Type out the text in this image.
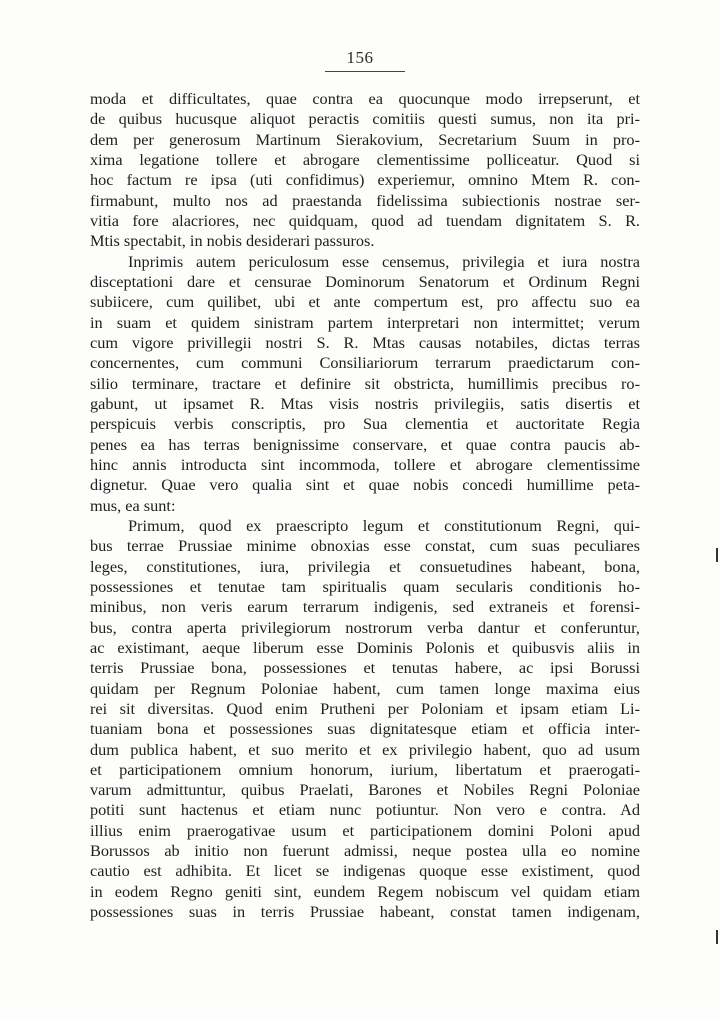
156
moda et difficultates, quae contra ea quocunque modo irrepserunt, et
de quibus hucusque aliquot peractis comitiis questi sumus, non ita pri-
dem per generosum Martinum Sierakovium, Secretarium Suum in pro-
xima legatione tollere et abrogare clementissime polliceatur. Quod si
hoc factum re ipsa (uti confidimus) experiemur, omnino Mtem R. con-
firmabunt, multo nos ad praestanda fidelissima subiectionis nostrae ser-
vitia fore alacriores, nec quidquam, quod ad tuendam dignitatem S. R.
Mtis spectabit, in nobis desiderari passuros.
Inprimis autem periculosum esse censemus, privilegia et iura nostra
disceptationi dare et censurae Dominorum Senatorum et Ordinum Regni
subiicere, cum quilibet, ubi et ante compertum est, pro affectu suo ea
in suam et quidem sinistram partem interpretari non intermittet; verum
cum vigore privillegii nostri S. R. Mtas causas notabiles, dictas terras
concernentes, cum communi Consiliariorum terrarum praedictarum con-
silio terminare, tractare et definire sit obstricta, humillimis precibus ro-
gabunt, ut ipsamet R. Mtas visis nostris privilegiis, satis disertis et
perspicuis verbis conscriptis, pro Sua clementia et auctoritate Regia
penes ea has terras benignissime conservare, et quae contra paucis ab-
hinc annis introducta sint incommoda, tollere et abrogare clementissime
dignetur. Quae vero qualia sint et quae nobis concedi humillime peta-
mus, ea sunt:
Primum, quod ex praescripto legum et constitutionum Regni, qui-
bus terrae Prussiae minime obnoxias esse constat, cum suas peculiares
leges, constitutiones, iura, privilegia et consuetudines habeant, bona,
possessiones et tenutae tam spiritualis quam secularis conditionis ho-
minibus, non veris earum terrarum indigenis, sed extraneis et forensi-
bus, contra aperta privilegiorum nostrorum verba dantur et conferuntur,
ac existimant, aeque liberum esse Dominis Polonis et quibusvis aliis in
terris Prussiae bona, possessiones et tenutas habere, ac ipsi Borussi
quidam per Regnum Poloniae habent, cum tamen longe maxima eius
rei sit diversitas. Quod enim Prutheni per Poloniam et ipsam etiam Li-
tuaniam bona et possessiones suas dignitatesque etiam et officia inter-
dum publica habent, et suo merito et ex privilegio habent, quo ad usum
et participationem omnium honorum, iurium, libertatum et praerogati-
varum admittuntur, quibus Praelati, Barones et Nobiles Regni Poloniae
potiti sunt hactenus et etiam nunc potiuntur. Non vero e contra. Ad
illius enim praerogativae usum et participationem domini Poloni apud
Borussos ab initio non fuerunt admissi, neque postea ulla eo nomine
cautio est adhibita. Et licet se indigenas quoque esse existiment, quod
in eodem Regno geniti sint, eundem Regem nobiscum vel quidam etiam
possessiones suas in terris Prussiae habeant, constat tamen indigenam,
